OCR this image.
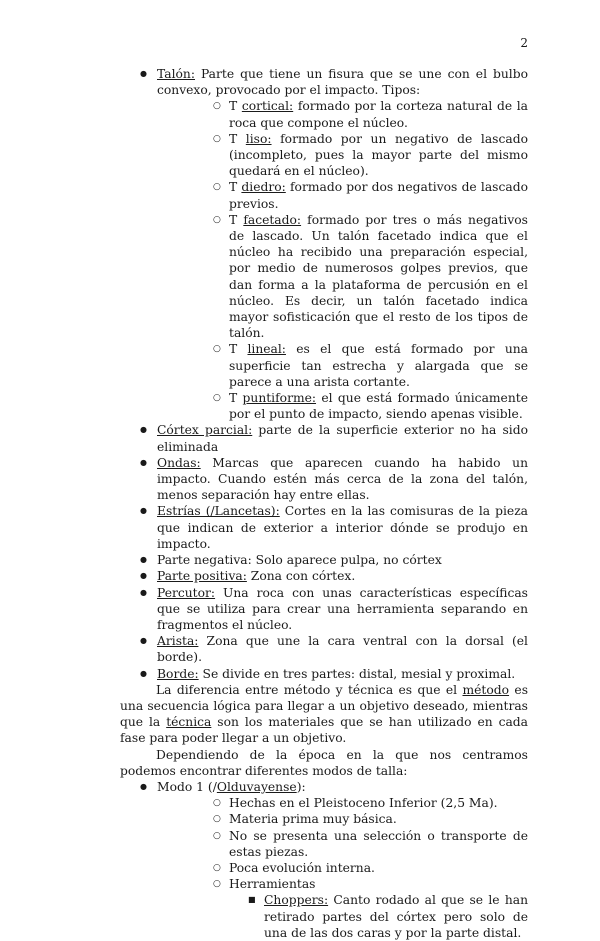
2
● Talón: Parte que tiene un fisura que se une con el bulbo convexo, provocado por el impacto. Tipos:
○ T cortical: formado por la corteza natural de la roca que compone el núcleo.
○ T liso: formado por un negativo de lascado (incompleto, pues la mayor parte del mismo quedará en el núcleo).
○ T diedro: formado por dos negativos de lascado previos.
○ T facetado: formado por tres o más negativos de lascado. Un talón facetado indica que el núcleo ha recibido una preparación especial, por medio de numerosos golpes previos, que dan forma a la plataforma de percusión en el núcleo. Es decir, un talón facetado indica mayor sofisticación que el resto de los tipos de talón.
○ T lineal: es el que está formado por una superficie tan estrecha y alargada que se parece a una arista cortante.
○ T puntiforme: el que está formado únicamente por el punto de impacto, siendo apenas visible.
● Córtex parcial: parte de la superficie exterior no ha sido eliminada
● Ondas: Marcas que aparecen cuando ha habido un impacto. Cuando estén más cerca de la zona del talón, menos separación hay entre ellas.
● Estrías (/Lancetas): Cortes en la las comisuras de la pieza que indican de exterior a interior dónde se produjo en impacto.
● Parte negativa: Solo aparece pulpa, no córtex
● Parte positiva: Zona con córtex.
● Percutor: Una roca con unas características específicas que se utiliza para crear una herramienta separando en fragmentos el núcleo.
● Arista: Zona que une la cara ventral con la dorsal (el borde).
● Borde: Se divide en tres partes: distal, mesial y proximal.

La diferencia entre método y técnica es que el método es una secuencia lógica para llegar a un objetivo deseado, mientras que la técnica son los materiales que se han utilizado en cada fase para poder llegar a un objetivo.

Dependiendo de la época en la que nos centramos podemos encontrar diferentes modos de talla:

● Modo 1 (/Olduvayense):
○ Hechas en el Pleistoceno Inferior (2,5 Ma).
○ Materia prima muy básica.
○ No se presenta una selección o transporte de estas piezas.
○ Poca evolución interna.
○ Herramientas
■ Choppers: Canto rodado al que se le han retirado partes del córtex pero solo de una de las dos caras y por la parte distal.
